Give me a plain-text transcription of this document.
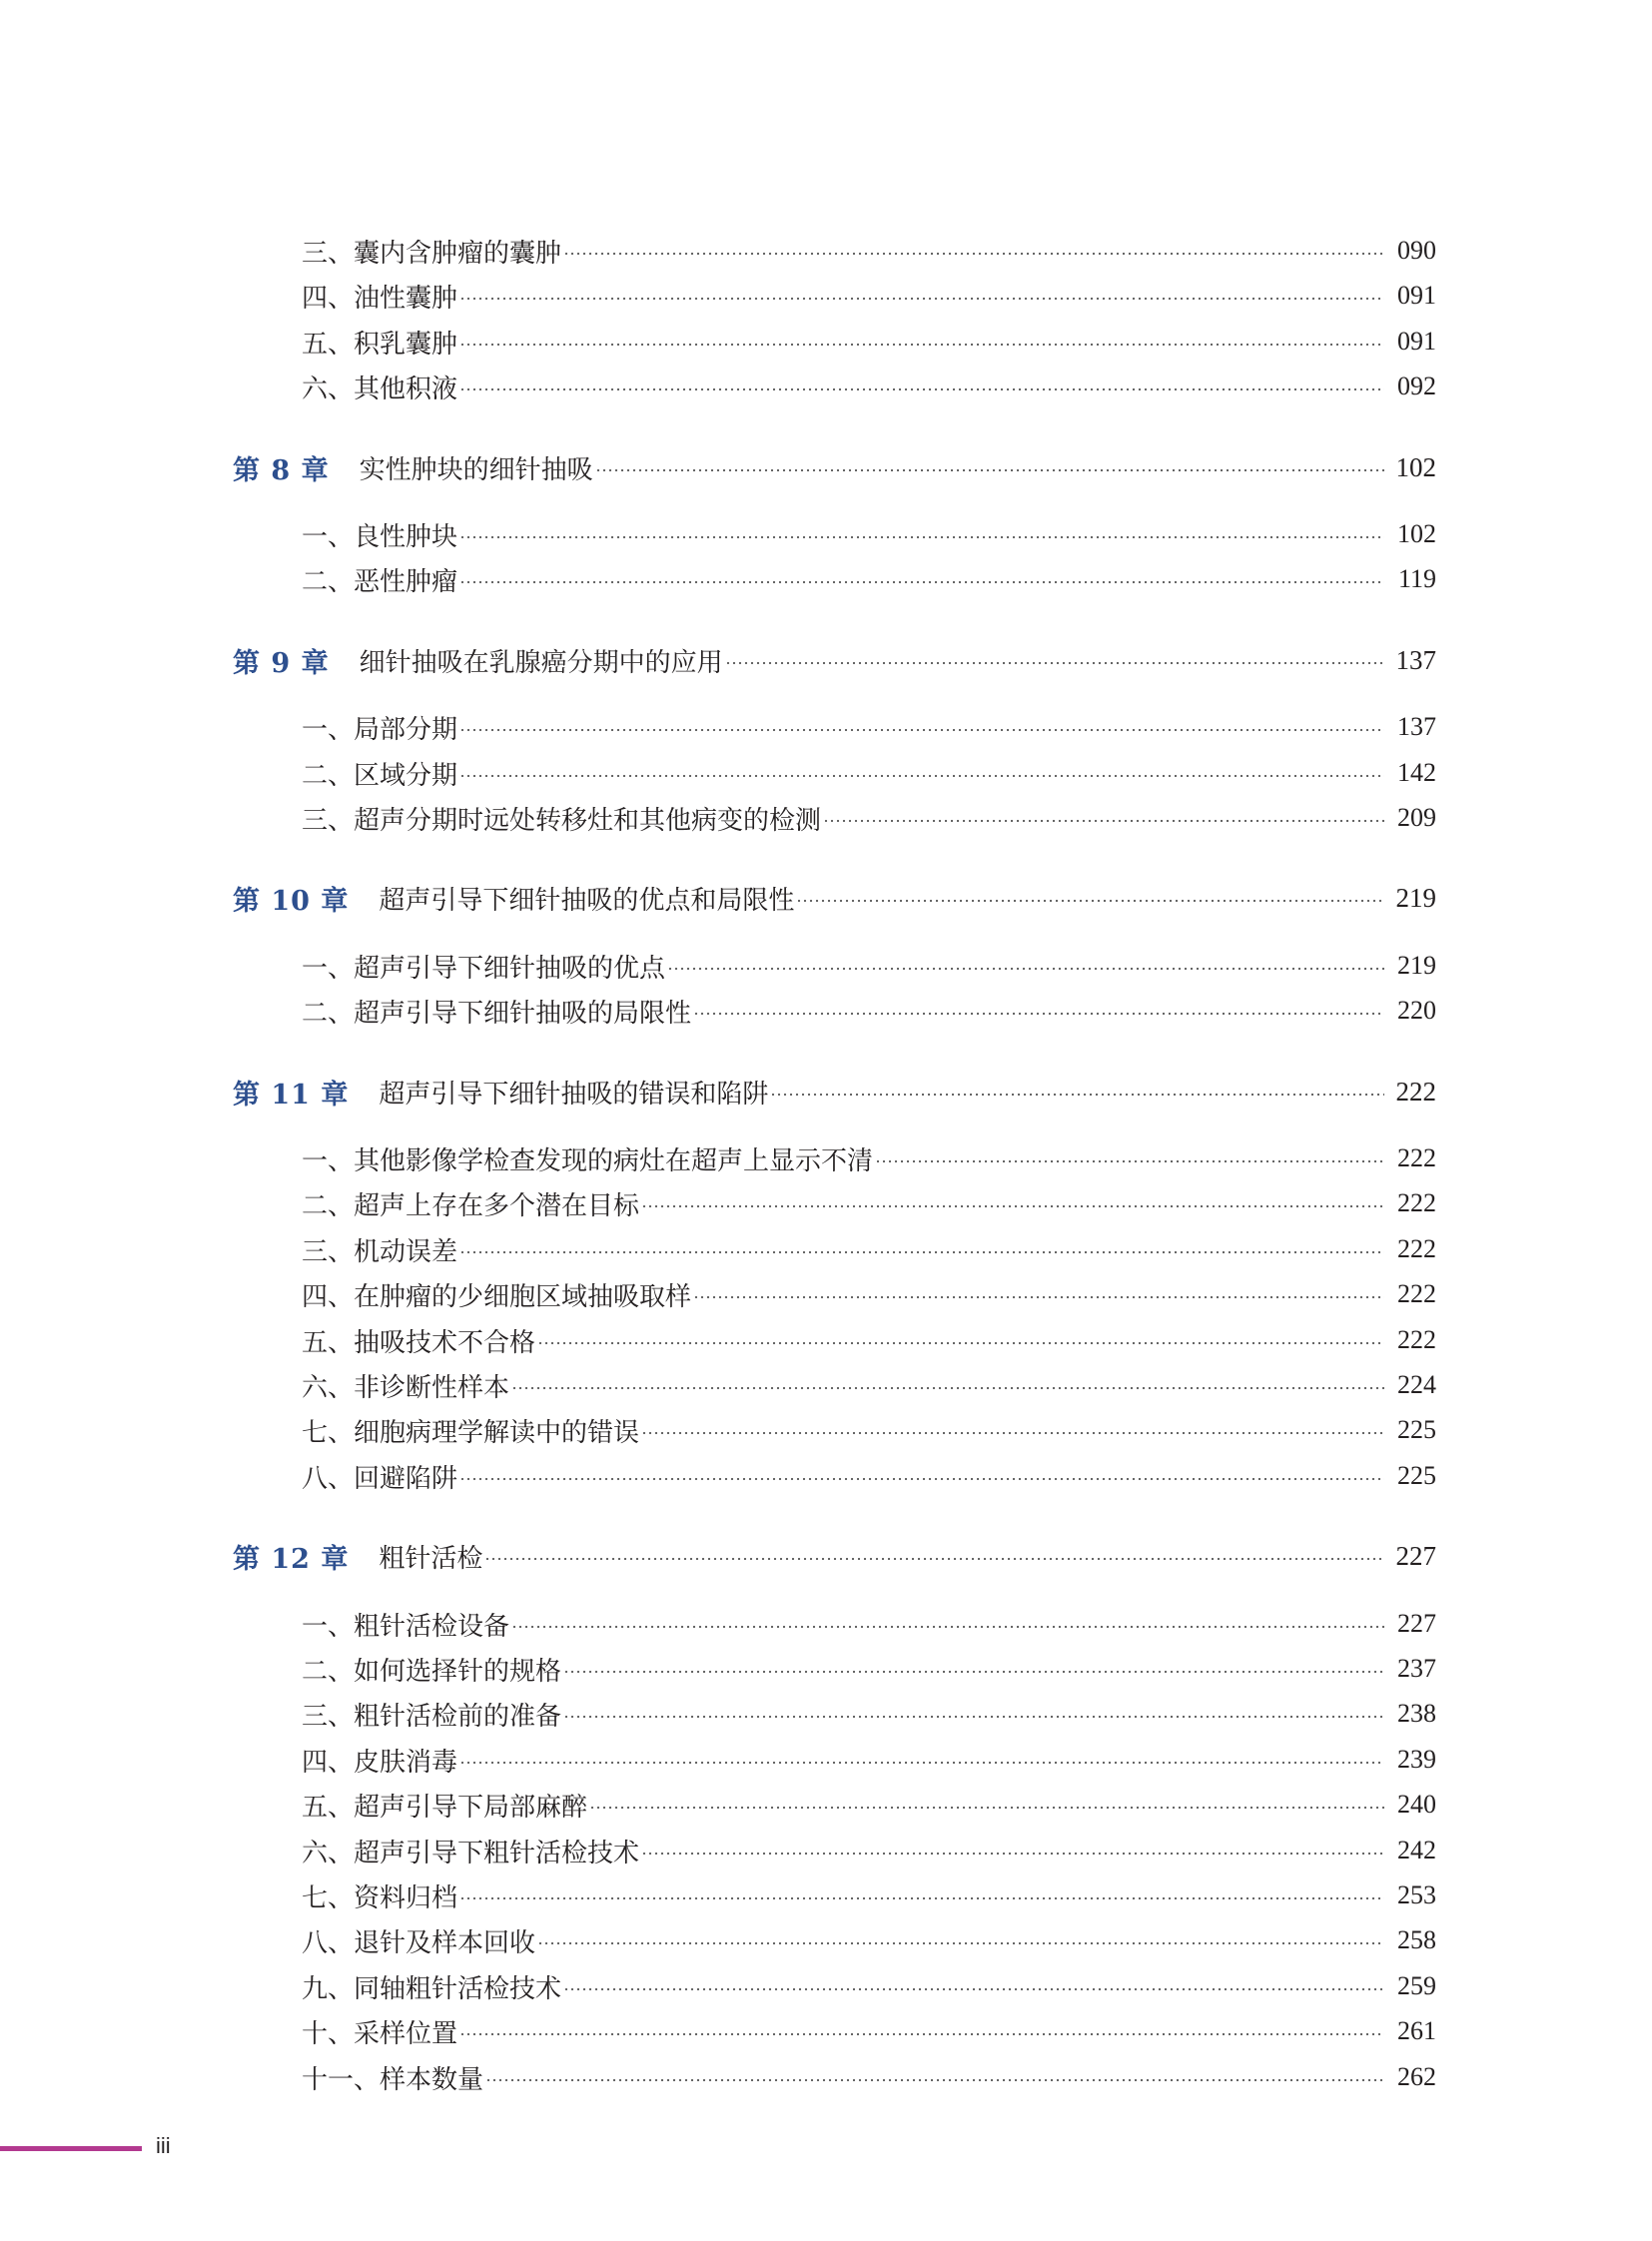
三、囊内含肿瘤的囊肿	090
四、油性囊肿	091
五、积乳囊肿	091
六、其他积液	092
第 8 章 实性肿块的细针抽吸	102
一、良性肿块	102
二、恶性肿瘤	119
第 9 章 细针抽吸在乳腺癌分期中的应用	137
一、局部分期	137
二、区域分期	142
三、超声分期时远处转移灶和其他病变的检测	209
第 10 章 超声引导下细针抽吸的优点和局限性	219
一、超声引导下细针抽吸的优点	219
二、超声引导下细针抽吸的局限性	220
第 11 章 超声引导下细针抽吸的错误和陷阱	222
一、其他影像学检查发现的病灶在超声上显示不清	222
二、超声上存在多个潜在目标	222
三、机动误差	222
四、在肿瘤的少细胞区域抽吸取样	222
五、抽吸技术不合格	222
六、非诊断性样本	224
七、细胞病理学解读中的错误	225
八、回避陷阱	225
第 12 章 粗针活检	227
一、粗针活检设备	227
二、如何选择针的规格	237
三、粗针活检前的准备	238
四、皮肤消毒	239
五、超声引导下局部麻醉	240
六、超声引导下粗针活检技术	242
七、资料归档	253
八、退针及样本回收	258
九、同轴粗针活检技术	259
十、采样位置	261
十一、样本数量	262
iii
